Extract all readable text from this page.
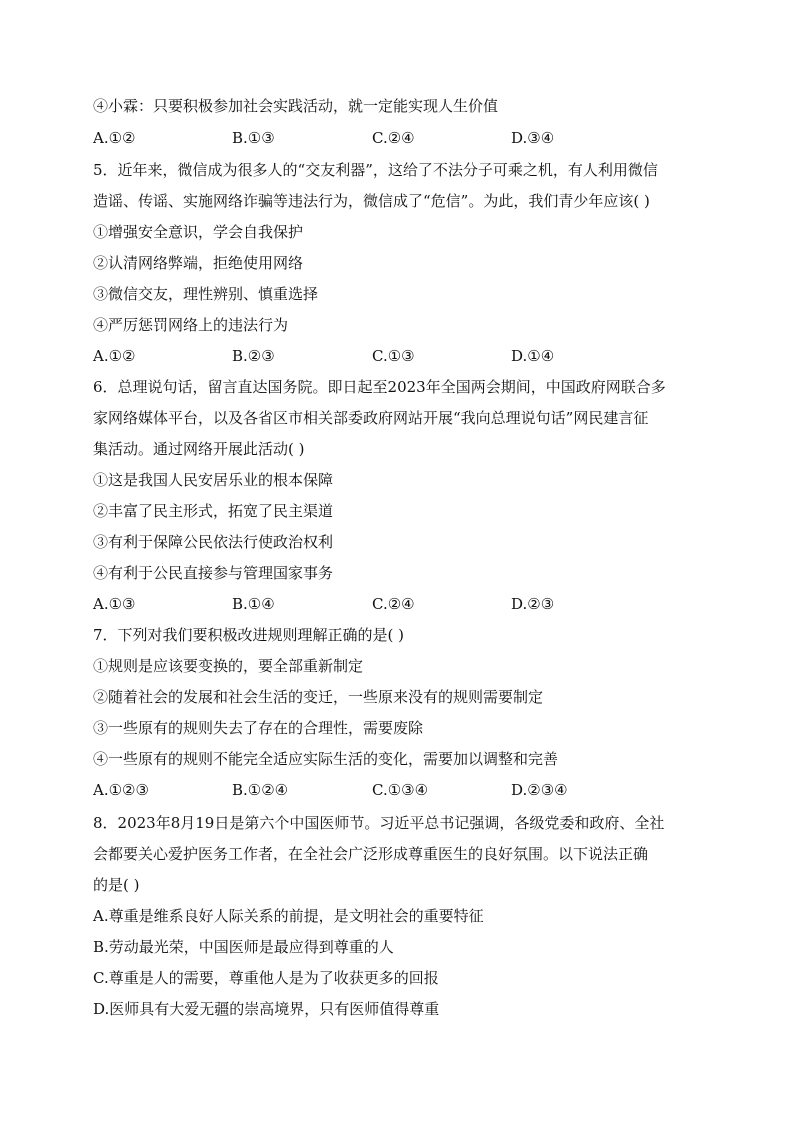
④小霖：只要积极参加社会实践活动，就一定能实现人生价值
A.①②	B.①③	C.②④	D.③④
5．近年来，微信成为很多人的“交友利器”，这给了不法分子可乘之机，有人利用微信
造谣、传谣、实施网络诈骗等违法行为，微信成了“危信”。为此，我们青少年应该( )
①增强安全意识，学会自我保护
②认清网络弊端，拒绝使用网络
③微信交友，理性辨别、慎重选择
④严厉惩罚网络上的违法行为
A.①②	B.②③	C.①③	D.①④
6．总理说句话，留言直达国务院。即日起至2023年全国两会期间，中国政府网联合多
家网络媒体平台，以及各省区市相关部委政府网站开展“我向总理说句话”网民建言征
集活动。通过网络开展此活动( )
①这是我国人民安居乐业的根本保障
②丰富了民主形式，拓宽了民主渠道
③有利于保障公民依法行使政治权利
④有利于公民直接参与管理国家事务
A.①③	B.①④	C.②④	D.②③
7．下列对我们要积极改进规则理解正确的是( )
①规则是应该要变换的，要全部重新制定
②随着社会的发展和社会生活的变迁，一些原来没有的规则需要制定
③一些原有的规则失去了存在的合理性，需要废除
④一些原有的规则不能完全适应实际生活的变化，需要加以调整和完善
A.①②③	B.①②④	C.①③④	D.②③④
8．2023年8月19日是第六个中国医师节。习近平总书记强调，各级党委和政府、全社
会都要关心爱护医务工作者，在全社会广泛形成尊重医生的良好氛围。以下说法正确
的是( )
A.尊重是维系良好人际关系的前提，是文明社会的重要特征
B.劳动最光荣，中国医师是最应得到尊重的人
C.尊重是人的需要，尊重他人是为了收获更多的回报
D.医师具有大爱无疆的崇高境界，只有医师值得尊重
